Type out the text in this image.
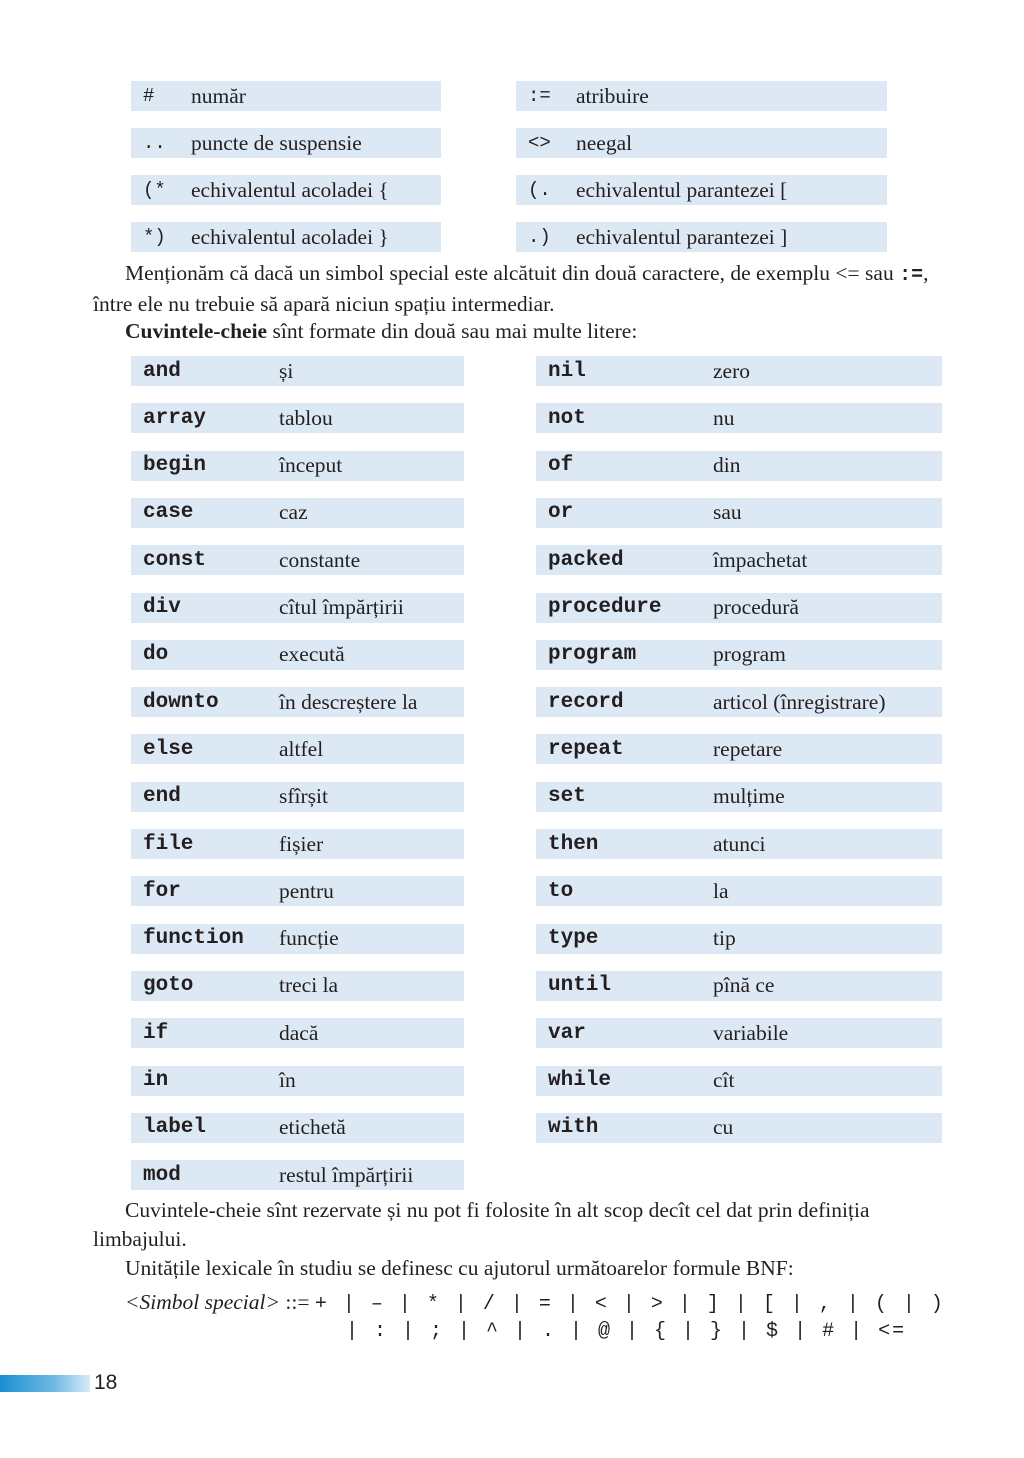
#	număr
..	puncte de suspensie
(*	echivalentul acoladei {
*)	echivalentul acoladei }
:=	atribuire
<>	neegal
(.	echivalentul parantezei [
.)	echivalentul parantezei ]

Menționăm că dacă un simbol special este alcătuit din două caractere, de exemplu <= sau :=, între ele nu trebuie să apară niciun spațiu intermediar.

Cuvintele-cheie sînt formate din două sau mai multe litere:

and	și
array	tablou
begin	început
case	caz
const	constante
div	cîtul împărțirii
do	execută
downto	în descreștere la
else	altfel
end	sfîrșit
file	fișier
for	pentru
function	funcție
goto	treci la
if	dacă
in	în
label	etichetă
mod	restul împărțirii
nil	zero
not	nu
of	din
or	sau
packed	împachetat
procedure	procedură
program	program
record	articol (înregistrare)
repeat	repetare
set	mulțime
then	atunci
to	la
type	tip
until	pînă ce
var	variabile
while	cît
with	cu

Cuvintele-cheie sînt rezervate și nu pot fi folosite în alt scop decît cel dat prin definiția limbajului.

Unitățile lexicale în studiu se definesc cu ajutorul următoarelor formule BNF:

<Simbol special> ::= + | – | * | / | = | < | > | ] | [ | , | ( | )
| : | ; | ^ | . | @ | { | } | $ | # | <=
18
